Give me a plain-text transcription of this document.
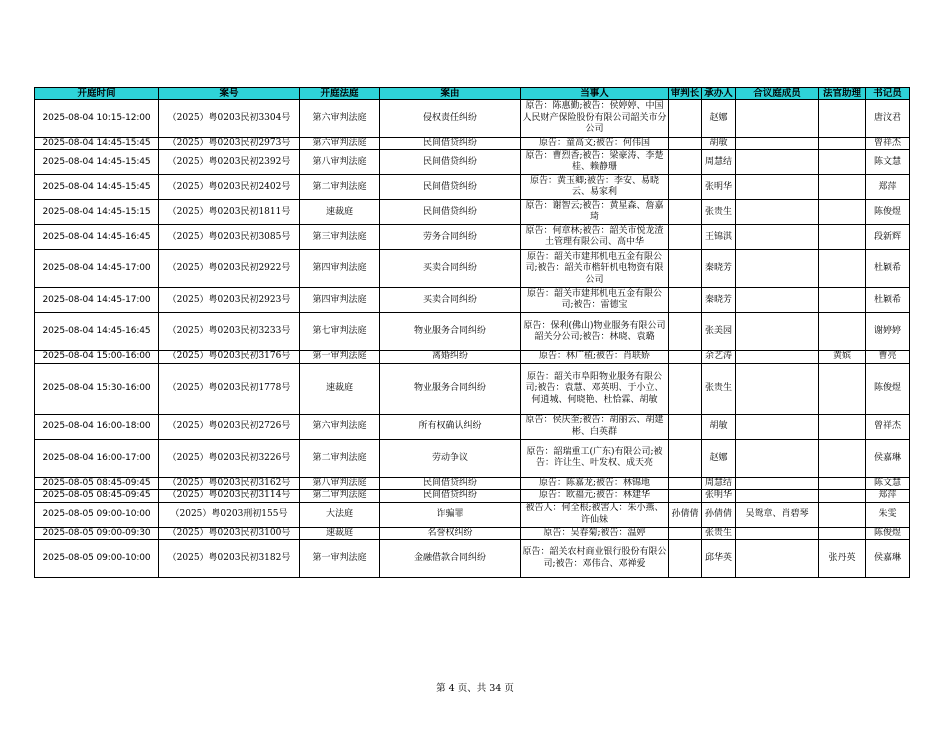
开庭时间	案号	开庭法庭	案由	当事人	审判长	承办人	合议庭成员	法官助理	书记员
2025-08-04 10:15-12:00	（2025）粤0203民初3304号	第六审判法庭	侵权责任纠纷	原告：陈惠勤;被告：侯婷婷、中国人民财产保险股份有限公司韶关市分公司		赵娜			唐汶君
2025-08-04 14:45-15:45	（2025）粤0203民初2973号	第六审判法庭	民间借贷纠纷	原告：童高文;被告：何伟国		胡敏			曾祥杰
2025-08-04 14:45-15:45	（2025）粤0203民初2392号	第八审判法庭	民间借贷纠纷	原告：曹烈香;被告：梁豪涛、李楚桂、赖静珊		周慧结			陈文慧
2025-08-04 14:45-15:45	（2025）粤0203民初2402号	第二审判法庭	民间借贷纠纷	原告：黄玉卿;被告：李安、易晓云、易家利		张明华			郑萍
2025-08-04 14:45-15:15	（2025）粤0203民初1811号	速裁庭	民间借贷纠纷	原告：谢智云;被告：黄星森、詹嘉琦		张贵生			陈俊煜
2025-08-04 14:45-16:45	（2025）粤0203民初3085号	第三审判法庭	劳务合同纠纷	原告：何章林;被告：韶关市悦龙渣土管理有限公司、高中华		王锦淇			段新辉
2025-08-04 14:45-17:00	（2025）粤0203民初2922号	第四审判法庭	买卖合同纠纷	原告：韶关市建邦机电五金有限公司;被告：韶关市楷轩机电物资有限公司		秦晓芳			杜颖希
2025-08-04 14:45-17:00	（2025）粤0203民初2923号	第四审判法庭	买卖合同纠纷	原告：韶关市建邦机电五金有限公司;被告：雷德宝		秦晓芳			杜颖希
2025-08-04 14:45-16:45	（2025）粤0203民初3233号	第七审判法庭	物业服务合同纠纷	原告：保利(佛山)物业服务有限公司韶关分公司;被告：林晓、袁璐		张美园			谢婷婷
2025-08-04 15:00-16:00	（2025）粤0203民初3176号	第一审判法庭	离婚纠纷	原告：林广植;被告：肖联娇		余艺涛		黄嫔	曹亮
2025-08-04 15:30-16:00	（2025）粤0203民初1778号	速裁庭	物业服务合同纠纷	原告：韶关市阜阳物业服务有限公司;被告：袁慧、邓英明、于小立、何逍城、何晓艳、杜恰霖、胡敏		张贵生			陈俊煜
2025-08-04 16:00-18:00	（2025）粤0203民初2726号	第六审判法庭	所有权确认纠纷	原告：侯庆奎;被告：胡丽云、胡建彬、白英群		胡敏			曾祥杰
2025-08-04 16:00-17:00	（2025）粤0203民初3226号	第二审判法庭	劳动争议	原告：韶瑞重工(广东)有限公司;被告：许让生、叶发权、成天亮		赵娜			侯嘉琳
2025-08-05 08:45-09:45	（2025）粤0203民初3162号	第八审判法庭	民间借贷纠纷	原告：陈嘉龙;被告：林锦地		周慧结			陈文慧
2025-08-05 08:45-09:45	（2025）粤0203民初3114号	第二审判法庭	民间借贷纠纷	原告：欧福元;被告：林建华		张明华			郑萍
2025-08-05 09:00-10:00	（2025）粤0203刑初155号	大法庭	诈骗罪	被告人：何全根;被害人：朱小燕、许仙妹	孙倩倩	孙倩倩	吴鸳章、肖碧琴		朱雯
2025-08-05 09:00-09:30	（2025）粤0203民初3100号	速裁庭	名誉权纠纷	原告：吴春菊;被告：温婷		张贵生			陈俊煜
2025-08-05 09:00-10:00	（2025）粤0203民初3182号	第一审判法庭	金融借款合同纠纷	原告：韶关农村商业银行股份有限公司;被告：邓伟合、邓禅爱		邱华英		张丹英	侯嘉琳
第 4 页、共 34 页
